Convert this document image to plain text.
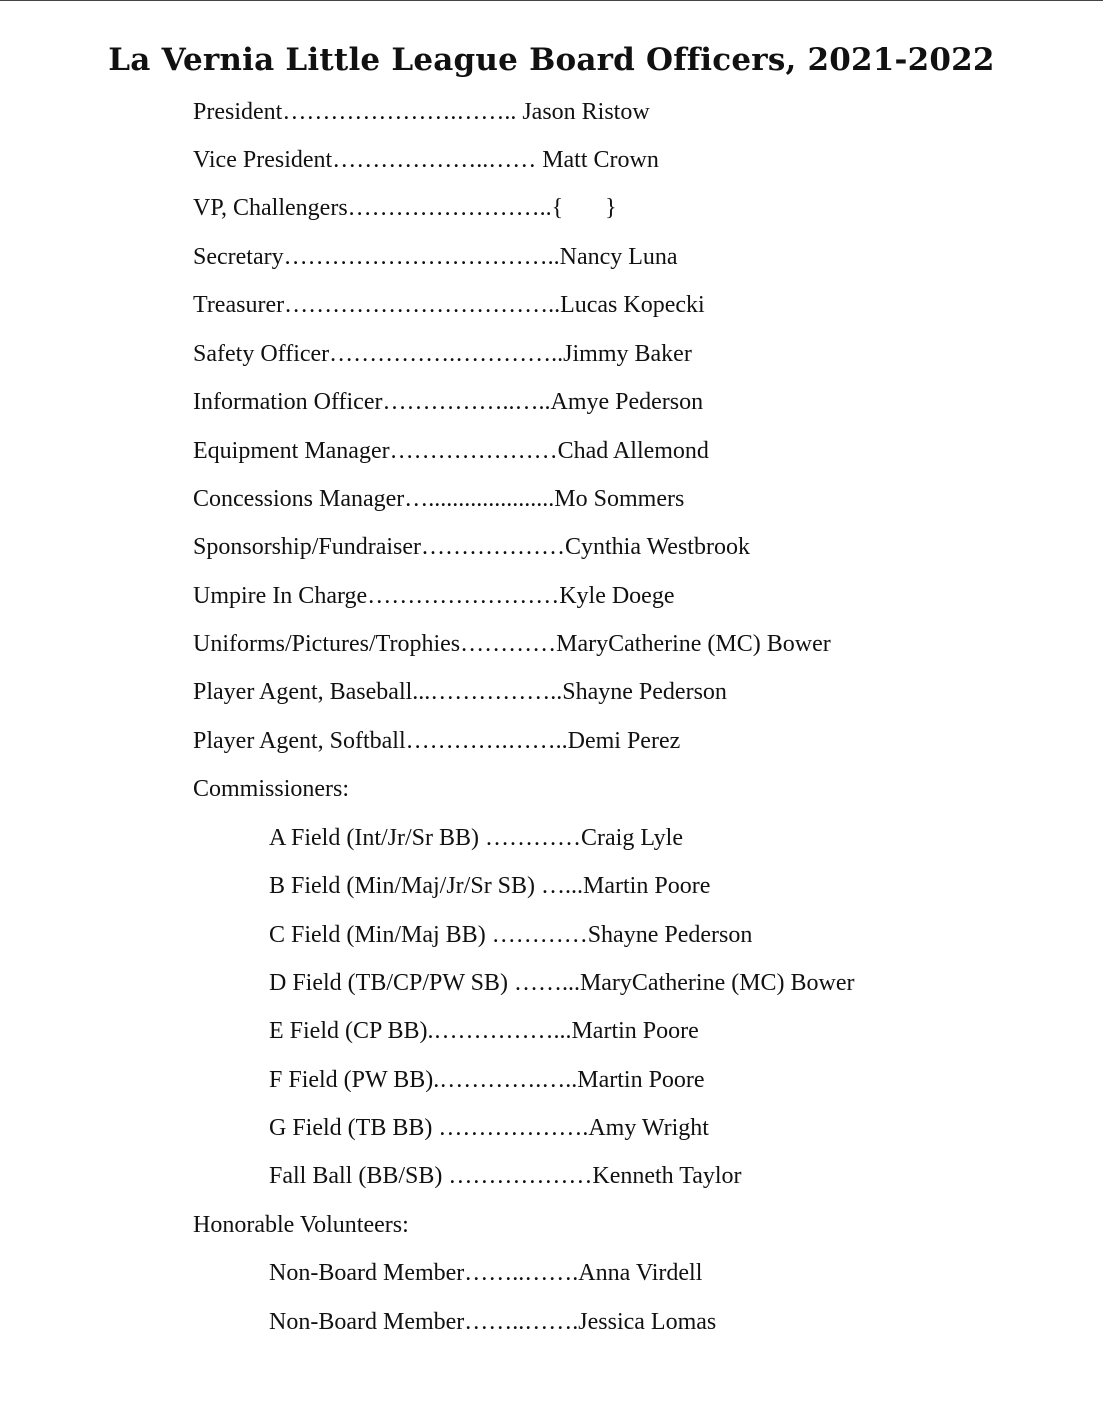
La Vernia Little League Board Officers, 2021-2022
President………………….…….. Jason Ristow
Vice President………………..…… Matt Crown
VP, Challengers……………………..{       }
Secretary……………………………..Nancy Luna
Treasurer……………………………..Lucas Kopecki
Safety Officer…………….…………..Jimmy Baker
Information Officer……………..…..Amye Pederson
Equipment Manager…………………Chad Allemond
Concessions Manager….....................Mo Sommers
Sponsorship/Fundraiser………………Cynthia Westbrook
Umpire In Charge……………………Kyle Doege
Uniforms/Pictures/Trophies…………MaryCatherine (MC) Bower
Player Agent, Baseball...……………..Shayne Pederson
Player Agent, Softball………….……..Demi Perez
Commissioners:
A Field (Int/Jr/Sr BB) …………Craig Lyle
B Field (Min/Maj/Jr/Sr SB) …...Martin Poore
C Field (Min/Maj BB) …………Shayne Pederson
D Field (TB/CP/PW SB) ……...MaryCatherine (MC) Bower
E Field (CP BB).……………...Martin Poore
F Field (PW BB).………….…..Martin Poore
G Field (TB BB) ……………….Amy Wright
Fall Ball (BB/SB) ………………Kenneth Taylor
Honorable Volunteers:
Non-Board Member……..…….Anna Virdell
Non-Board Member……..…….Jessica Lomas
